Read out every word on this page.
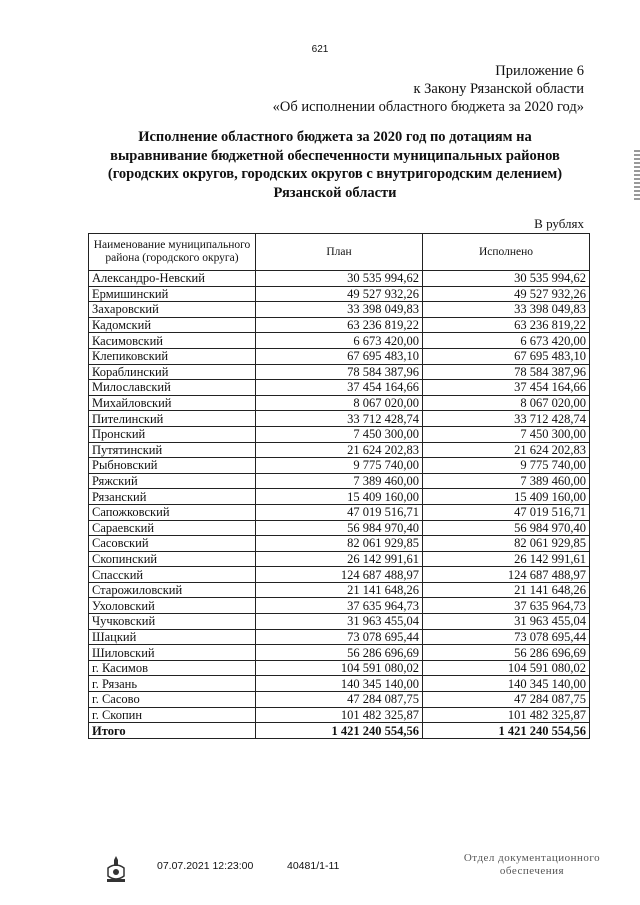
621
Приложение 6
к Закону Рязанской области
«Об исполнении областного бюджета за 2020 год»
Исполнение областного бюджета за 2020 год по дотациям на выравнивание бюджетной обеспеченности муниципальных районов (городских округов, городских округов с внутригородским делением) Рязанской области
В рублях
Наименование муниципального района (городского округа)	План	Исполнено
Александро-Невский	30 535 994,62	30 535 994,62
Ермишинский	49 527 932,26	49 527 932,26
Захаровский	33 398 049,83	33 398 049,83
Кадомский	63 236 819,22	63 236 819,22
Касимовский	6 673 420,00	6 673 420,00
Клепиковский	67 695 483,10	67 695 483,10
Кораблинский	78 584 387,96	78 584 387,96
Милославский	37 454 164,66	37 454 164,66
Михайловский	8 067 020,00	8 067 020,00
Пителинский	33 712 428,74	33 712 428,74
Пронский	7 450 300,00	7 450 300,00
Путятинский	21 624 202,83	21 624 202,83
Рыбновский	9 775 740,00	9 775 740,00
Ряжский	7 389 460,00	7 389 460,00
Рязанский	15 409 160,00	15 409 160,00
Сапожковский	47 019 516,71	47 019 516,71
Сараевский	56 984 970,40	56 984 970,40
Сасовский	82 061 929,85	82 061 929,85
Скопинский	26 142 991,61	26 142 991,61
Спасский	124 687 488,97	124 687 488,97
Старожиловский	21 141 648,26	21 141 648,26
Ухоловский	37 635 964,73	37 635 964,73
Чучковский	31 963 455,04	31 963 455,04
Шацкий	73 078 695,44	73 078 695,44
Шиловский	56 286 696,69	56 286 696,69
г. Касимов	104 591 080,02	104 591 080,02
г. Рязань	140 345 140,00	140 345 140,00
г. Сасово	47 284 087,75	47 284 087,75
г. Скопин	101 482 325,87	101 482 325,87
Итого	1 421 240 554,56	1 421 240 554,56
07.07.2021 12:23:00	40481/1-11
Отдел документационного
обеспечения
